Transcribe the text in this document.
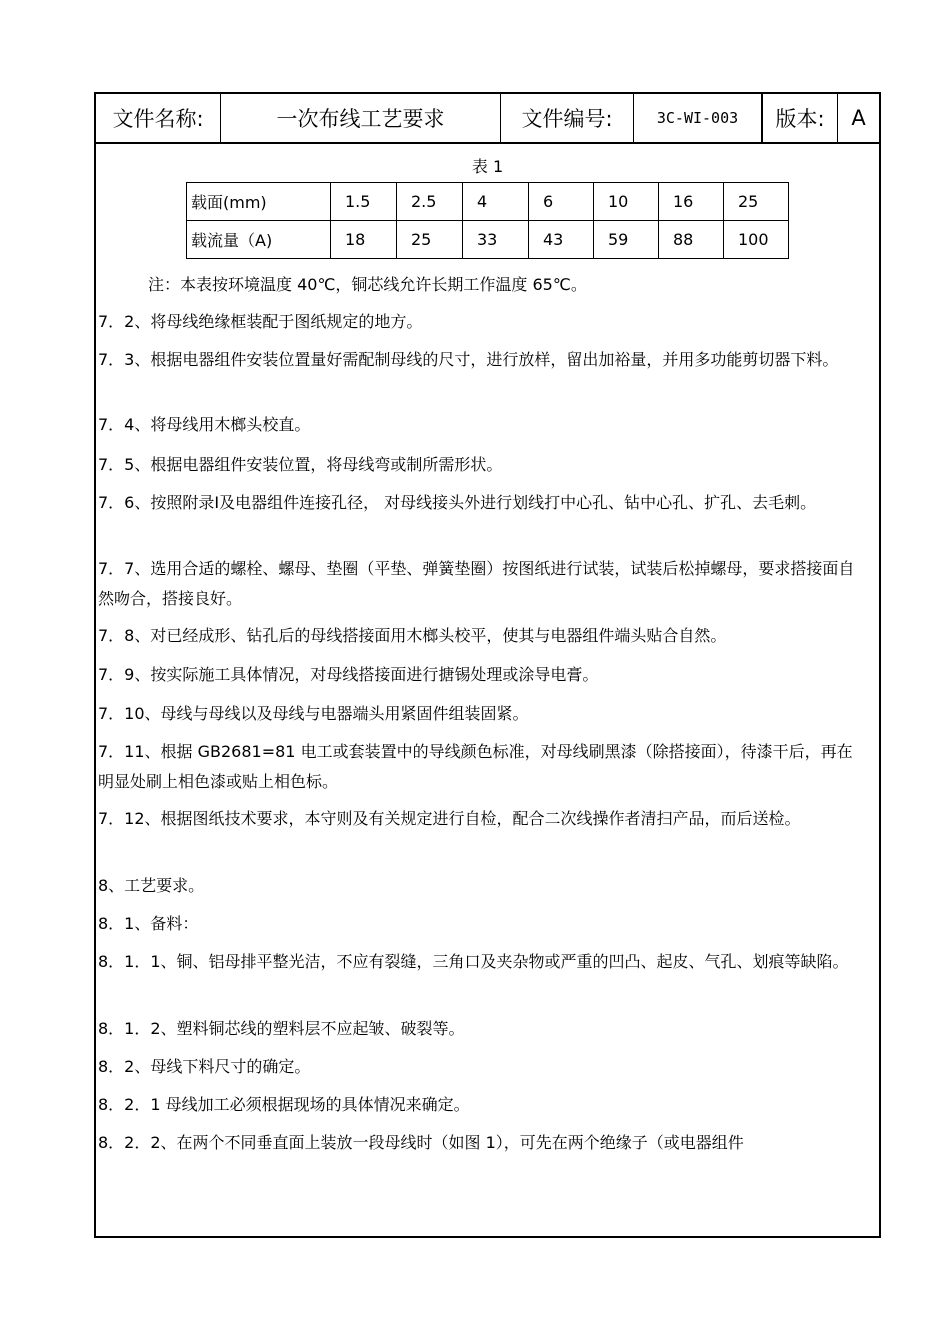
文件名称:	一次布线工艺要求	文件编号:	3C-WI-003	版本:	A
表 1
载面(mm)	1.5	2.5	4	6	10	16	25
载流量（A)	18	25	33	43	59	88	100
注：本表按环境温度 40℃，铜芯线允许长期工作温度 65℃。
7．2、将母线绝缘框装配于图纸规定的地方。
7．3、根据电器组件安装位置量好需配制母线的尺寸，进行放样，留出加裕量，并用多功能剪切器下料。
7．4、将母线用木榔头校直。
7．5、根据电器组件安装位置，将母线弯或制所需形状。
7．6、按照附录Ⅰ及电器组件连接孔径， 对母线接头外进行划线打中心孔、钻中心孔、扩孔、去毛刺。
7．7、选用合适的螺栓、螺母、垫圈（平垫、弹簧垫圈）按图纸进行试装，试装后松掉螺母，要求搭接面自然吻合，搭接良好。
7．8、对已经成形、钻孔后的母线搭接面用木榔头校平，使其与电器组件端头贴合自然。
7．9、按实际施工具体情况，对母线搭接面进行搪锡处理或涂导电膏。
7．10、母线与母线以及母线与电器端头用紧固件组装固紧。
7．11、根据 GB2681=81 电工或套装置中的导线颜色标准，对母线刷黑漆（除搭接面），待漆干后，再在明显处刷上相色漆或贴上相色标。
7．12、根据图纸技术要求，本守则及有关规定进行自检，配合二次线操作者清扫产品，而后送检。
8、工艺要求。
8．1、备料：
8．1．1、铜、铝母排平整光洁，不应有裂缝，三角口及夹杂物或严重的凹凸、起皮、气孔、划痕等缺陷。
8．1．2、塑料铜芯线的塑料层不应起皱、破裂等。
8．2、母线下料尺寸的确定。
8．2．1 母线加工必须根据现场的具体情况来确定。
8．2．2、在两个不同垂直面上装放一段母线时（如图 1），可先在两个绝缘子（或电器组件
